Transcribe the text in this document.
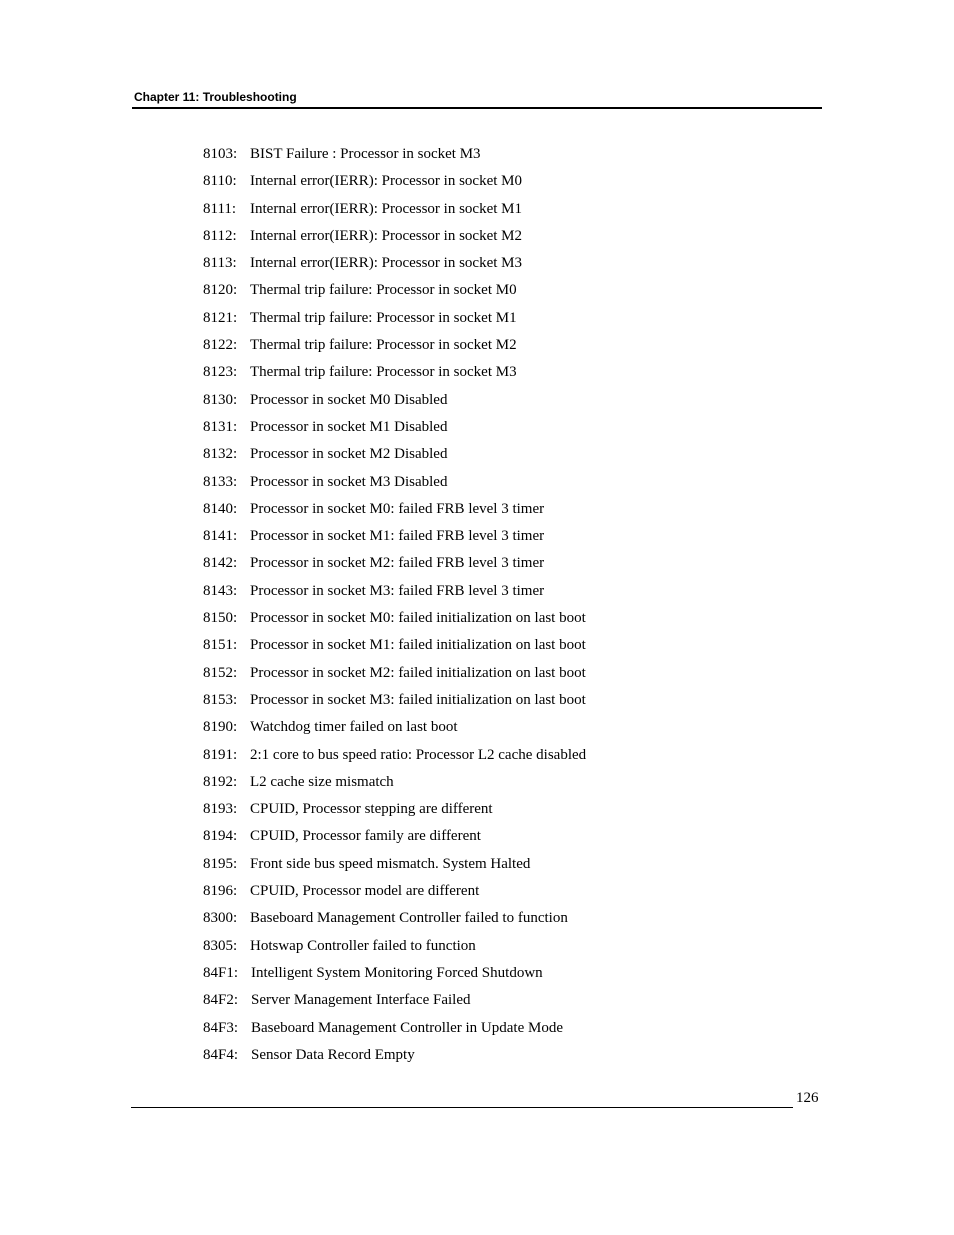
Chapter 11: Troubleshooting
8103: BIST Failure : Processor in socket M3
8110: Internal error(IERR): Processor in socket M0
8111: Internal error(IERR): Processor in socket M1
8112: Internal error(IERR): Processor in socket M2
8113: Internal error(IERR): Processor in socket M3
8120: Thermal trip failure: Processor in socket M0
8121: Thermal trip failure: Processor in socket M1
8122: Thermal trip failure: Processor in socket M2
8123: Thermal trip failure: Processor in socket M3
8130: Processor in socket M0 Disabled
8131: Processor in socket M1 Disabled
8132: Processor in socket M2 Disabled
8133: Processor in socket M3 Disabled
8140: Processor in socket M0: failed FRB level 3 timer
8141: Processor in socket M1: failed FRB level 3 timer
8142: Processor in socket M2: failed FRB level 3 timer
8143: Processor in socket M3: failed FRB level 3 timer
8150: Processor in socket M0: failed initialization on last boot
8151: Processor in socket M1: failed initialization on last boot
8152: Processor in socket M2: failed initialization on last boot
8153: Processor in socket M3: failed initialization on last boot
8190: Watchdog timer failed on last boot
8191: 2:1 core to bus speed ratio: Processor L2 cache disabled
8192: L2 cache size mismatch
8193: CPUID, Processor stepping are different
8194: CPUID, Processor family are different
8195: Front side bus speed mismatch. System Halted
8196: CPUID, Processor model are different
8300: Baseboard Management Controller failed to function
8305: Hotswap Controller failed to function
84F1: Intelligent System Monitoring Forced Shutdown
84F2: Server Management Interface Failed
84F3: Baseboard Management Controller in Update Mode
84F4: Sensor Data Record Empty
126
